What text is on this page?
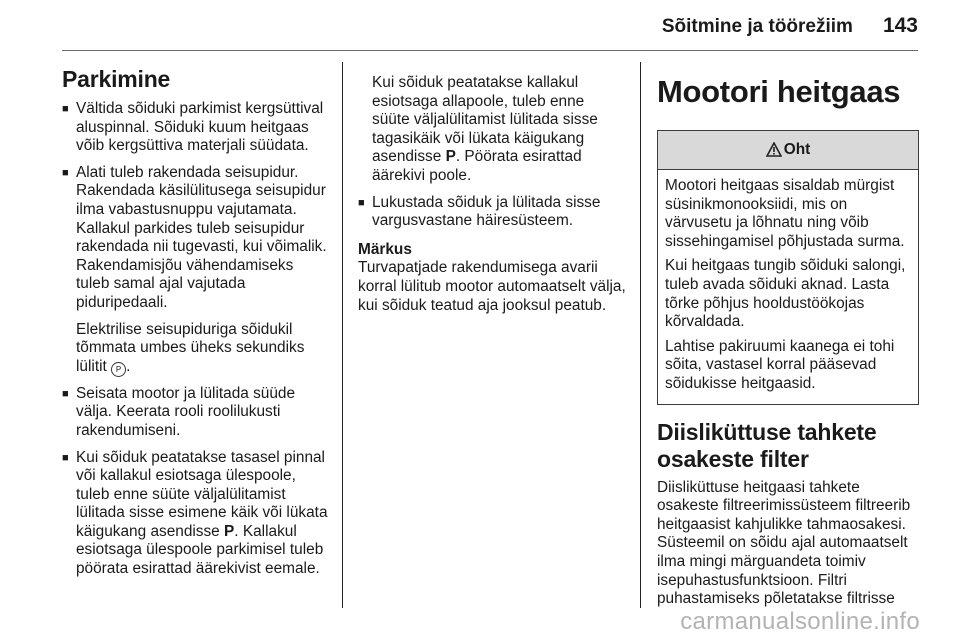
Sõitmine ja töörežiim 143
Parkimine
■ Vältida sõiduki parkimist kergsüttival aluspinnal. Sõiduki kuum heitgaas võib kergsüttiva materjali süüdata.
■ Alati tuleb rakendada seisupidur. Rakendada käsilülitusega seisupidur ilma vabastusnuppu vajutamata. Kallakul parkides tuleb seisupidur rakendada nii tugevasti, kui võimalik. Rakendamisjõu vähendamiseks tuleb samal ajal vajutada piduripedaali.
Elektrilise seisupiduriga sõidukil tõmmata umbes üheks sekundiks lülitit P .
■ Seisata mootor ja lülitada süüde välja. Keerata rooli roolilukusti rakendumiseni.
■ Kui sõiduk peatatakse tasasel pinnal või kallakul esiotsaga ülespoole, tuleb enne süüte väljalülitamist lülitada sisse esimene käik või lükata käigukang asendisse P. Kallakul esiotsaga ülespoole parkimisel tuleb pöörata esirattad äärekivist eemale.
Kui sõiduk peatatakse kallakul esiotsaga allapoole, tuleb enne süüte väljalülitamist lülitada sisse tagasikäik või lükata käigukang asendisse P. Pöörata esirattad äärekivi poole.
■ Lukustada sõiduk ja lülitada sisse vargusvastane häiresüsteem.
Märkus

Turvapatjade rakendumisega avarii korral lülitub mootor automaatselt välja, kui sõiduk teatud aja jooksul peatub.

Mootori heitgaas
Oht

Mootori heitgaas sisaldab mürgist süsinikmonooksiidi, mis on värvusetu ja lõhnatu ning võib sissehingamisel põhjustada surma.

Kui heitgaas tungib sõiduki salongi, tuleb avada sõiduki aknad. Lasta tõrke põhjus hooldustöökojas kõrvaldada.

Lahtise pakiruumi kaanega ei tohi sõita, vastasel korral pääsevad sõidukisse heitgaasid.

Diisliküttuse tahkete osakeste filter

Diisliküttuse heitgaasi tahkete osakeste filtreerimissüsteem filtreerib heitgaasist kahjulikke tahmaosakesi. Süsteemil on sõidu ajal automaatselt ilma mingi märguandeta toimiv isepuhastusfunktsioon. Filtri puhastamiseks põletatakse filtrisse

carmanualsonline.info
